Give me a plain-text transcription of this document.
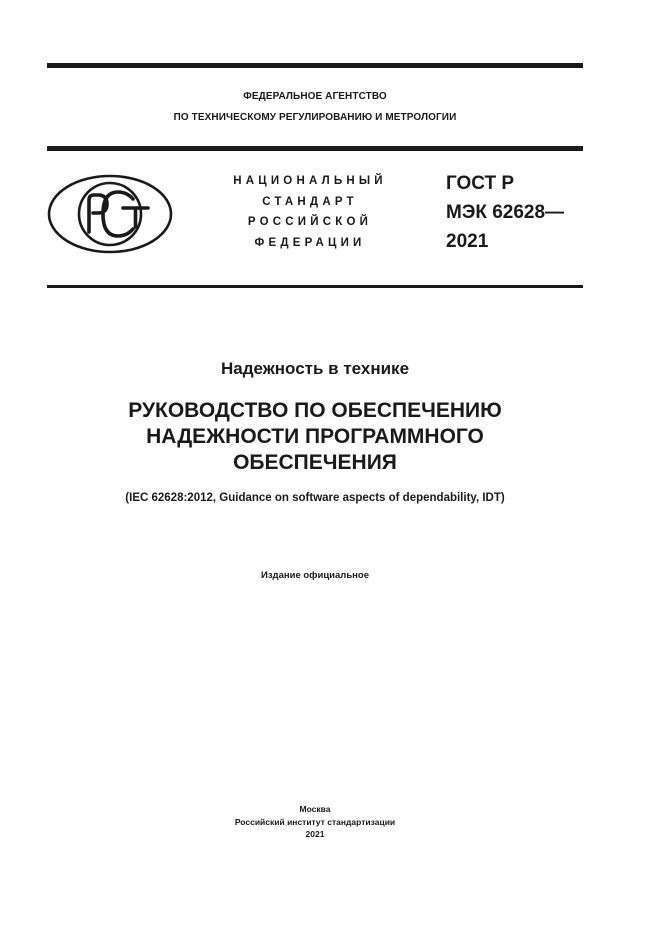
ФЕДЕРАЛЬНОЕ АГЕНТСТВО
ПО ТЕХНИЧЕСКОМУ РЕГУЛИРОВАНИЮ И МЕТРОЛОГИИ
НАЦИОНАЛЬНЫЙ
СТАНДАРТ
РОССИЙСКОЙ
ФЕДЕРАЦИИ
ГОСТ Р
МЭК 62628—
2021
Надежность в технике
РУКОВОДСТВО ПО ОБЕСПЕЧЕНИЮ
НАДЕЖНОСТИ ПРОГРАММНОГО
ОБЕСПЕЧЕНИЯ
(IEC 62628:2012, Guidance on software aspects of dependability, IDT)
Издание официальное
Москва
Российский институт стандартизации
2021
